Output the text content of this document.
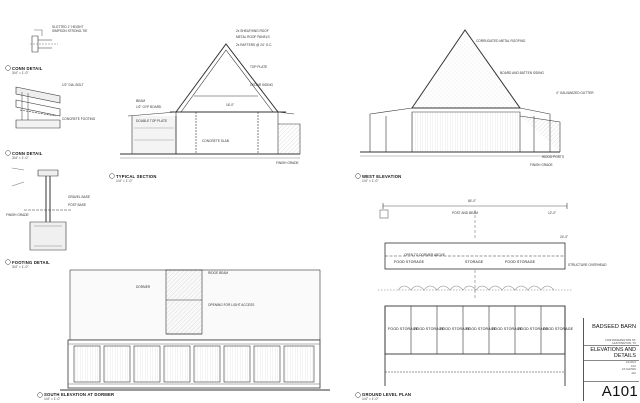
CONN DETAIL
3/4" = 1'-0"
CONN DETAIL
3/4" = 1'-0"
FOOTING DETAIL
3/4" = 1'-0"
TYPICAL SECTION
1/4" = 1'-0"
WEST ELEVATION
1/4" = 1'-0"
SOUTH ELEVATION AT DORMER
1/4" = 1'-0"
GROUND LEVEL PLAN
1/4" = 1'-0"
SLOTTED 1" HEIGHT
SIMPSON STRONG-TIE
1/2" DIA. BOLT
CONCRETE FOOTING
GRAVEL BASE
POST BASE
FINISH GRADE
2x SHEATHING ROOF
METAL ROOF PANELS
2x RAFTERS @ 24" O.C.
TOP PLATE
CEDAR SIDING
CONCRETE SLAB
FINISH GRADE
BEAM
1/2" GYP BOARD
DOUBLE TOP PLATE
CORRUGATED METAL ROOFING
BOARD AND BATTEN SIDING
4" GALVANIZED GUTTER
WOOD POSTS
FINISH GRADE
RIDGE BEAM
DORMER
OPENING FOR LIGHT ACCESS
POST AND BEAM
STRUCTURE OVERHEAD
OPEN TO DORMER ABOVE
FOOD STORAGE	STORAGE	FOOD STORAGE
FOOD STORAGE
FOOD STORAGE
FOOD STORAGE
FOOD STORAGE
FOOD STORAGE
FOOD STORAGE
FOOD STORAGE
84'-0"
24'-0"
12'-0"
16'-0"
BADSEED BARN
1709 WASHINGTON ST. HUNTINGTON, TX
ELEVATIONS AND DETAILS
1/1/2021
1/10
AS SHOWN
JAH
A101
